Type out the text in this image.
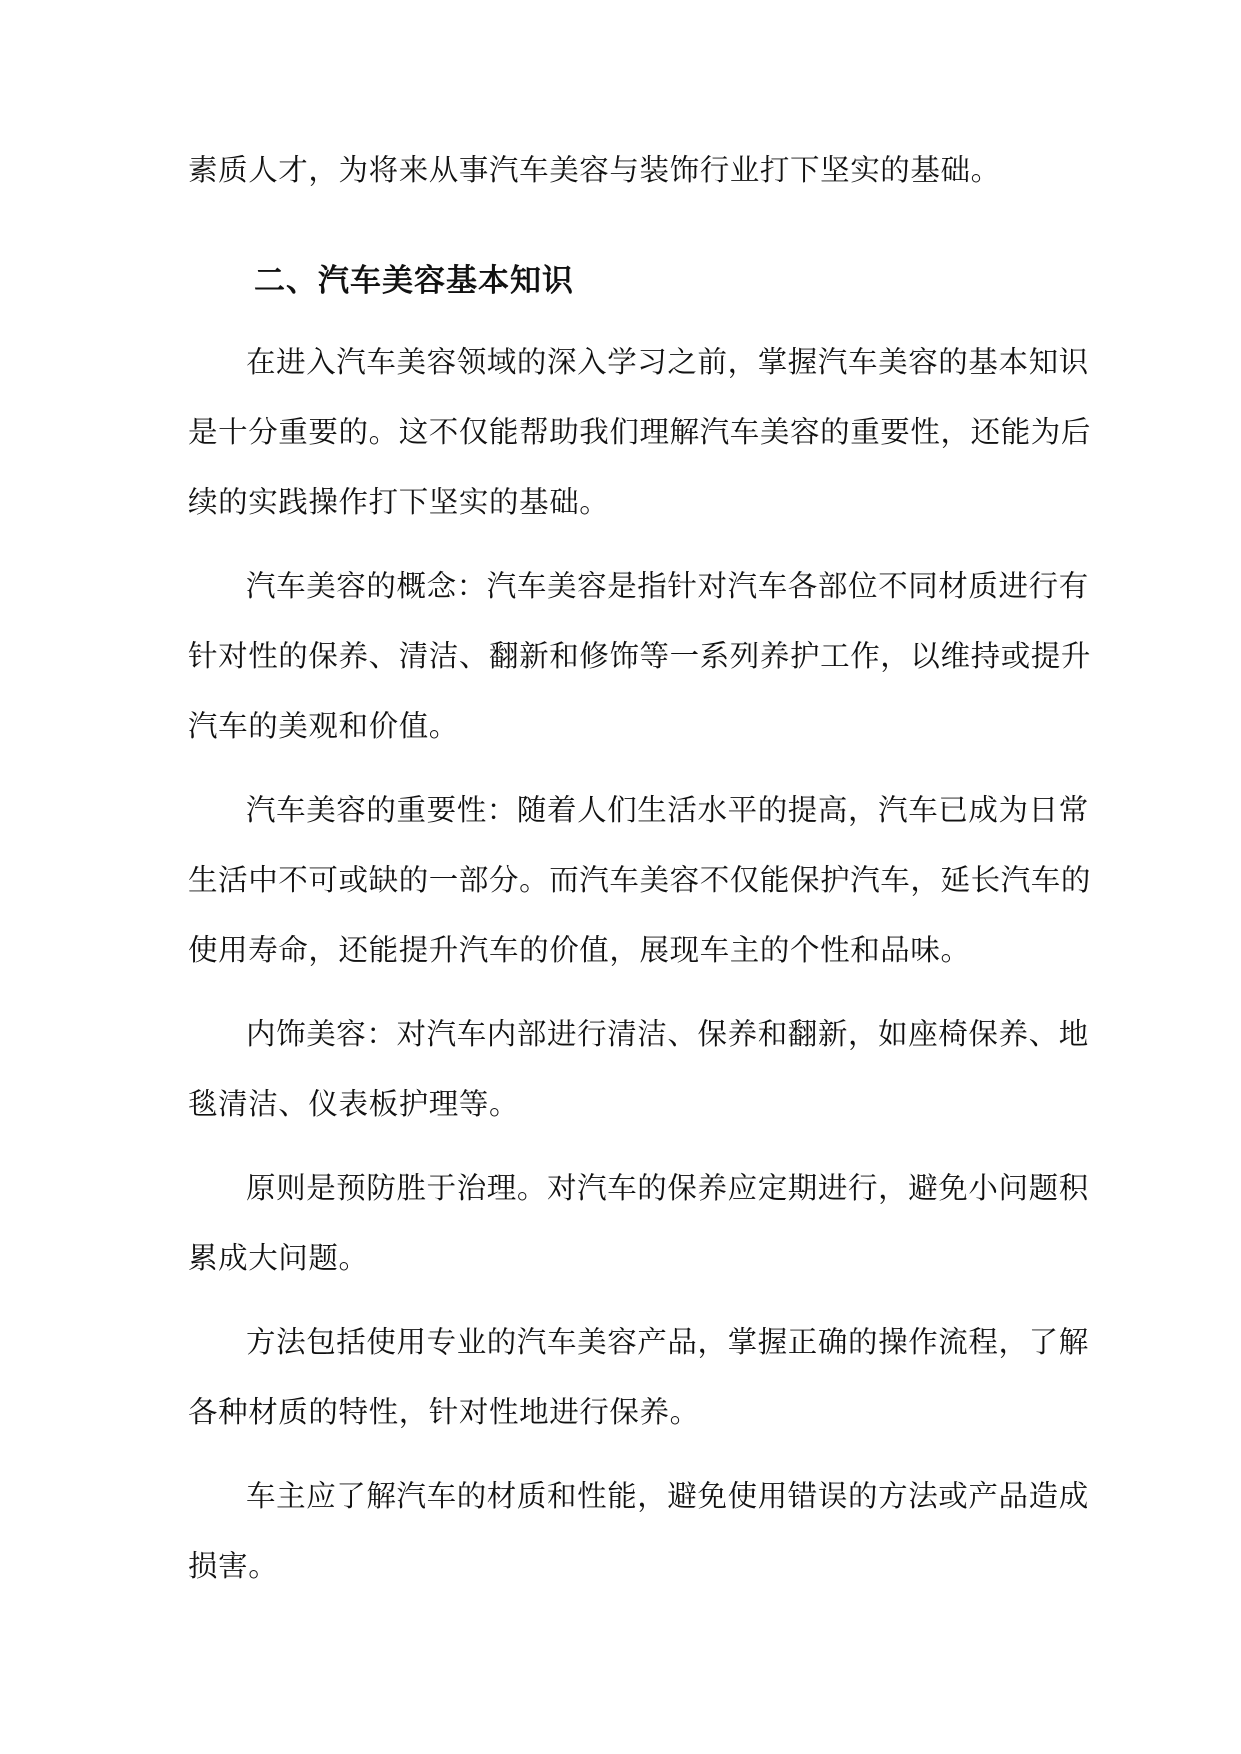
素质人才，为将来从事汽车美容与装饰行业打下坚实的基础。
二、汽车美容基本知识
在进入汽车美容领域的深入学习之前，掌握汽车美容的基本知识
是十分重要的。这不仅能帮助我们理解汽车美容的重要性，还能为后
续的实践操作打下坚实的基础。
汽车美容的概念：汽车美容是指针对汽车各部位不同材质进行有
针对性的保养、清洁、翻新和修饰等一系列养护工作，以维持或提升
汽车的美观和价值。
汽车美容的重要性：随着人们生活水平的提高，汽车已成为日常
生活中不可或缺的一部分。而汽车美容不仅能保护汽车，延长汽车的
使用寿命，还能提升汽车的价值，展现车主的个性和品味。
内饰美容：对汽车内部进行清洁、保养和翻新，如座椅保养、地
毯清洁、仪表板护理等。
原则是预防胜于治理。对汽车的保养应定期进行，避免小问题积
累成大问题。
方法包括使用专业的汽车美容产品，掌握正确的操作流程，了解
各种材质的特性，针对性地进行保养。
车主应了解汽车的材质和性能，避免使用错误的方法或产品造成
损害。
